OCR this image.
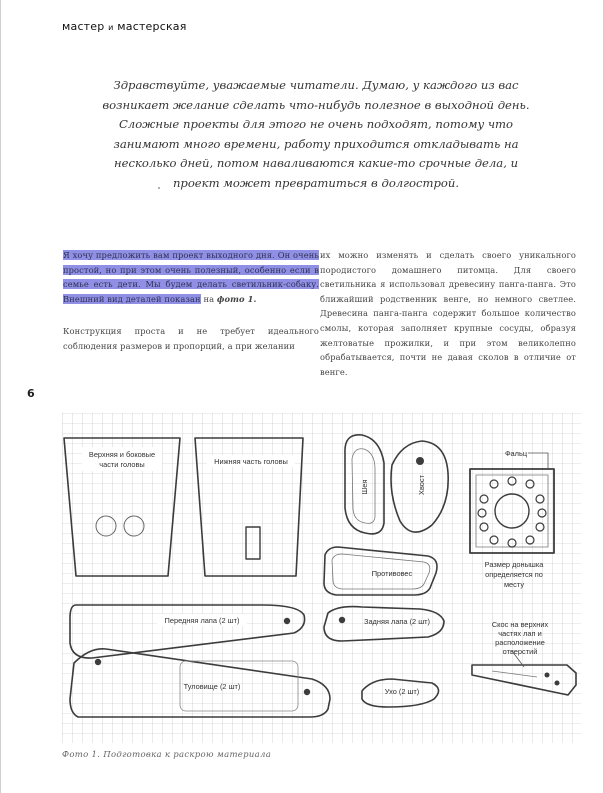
мастер и мастерская
Здравствуйте, уважаемые читатели. Думаю, у каждого из вас возникает желание сделать что-нибудь полезное в выходной день. Сложные проекты для этого не очень подходят, потому что занимают много времени, работу приходится откладывать на несколько дней, потом наваливаются какие-то срочные дела, и проект может превратиться в долгострой.

Я хочу предложить вам проект выходного дня. Он очень простой, но при этом очень полезный, особенно если в семье есть дети. Мы будем делать светильник-собаку. Внешний вид деталей показан на фото 1.

Конструкция проста и не требует идеального соблюдения размеров и пропорций, а при желании

их можно изменять и сделать своего уникального породистого домашнего питомца. Для своего светильника я использовал древесину панга-панга. Это ближайший родственник венге, но немного светлее. Древесина панга-панга содержит большое количество смолы, которая заполняет крупные сосуды, образуя желтоватые прожилки, и при этом великолепно обрабатывается, почти не давая сколов в отличие от венге.

6
Верхняя и боковые
части головы	Нижняя часть головы
Шея	Хвост
Противовес
Передняя лапа (2 шт)	Задняя лапа (2 шт)
Туловище (2 шт)
Ухо (2 шт)
Фальц
Размер донышка
определяется по
месту
Скос на верхних
частях лап и
расположение
отверстий
Фото 1. Подготовка к раскрою материала
